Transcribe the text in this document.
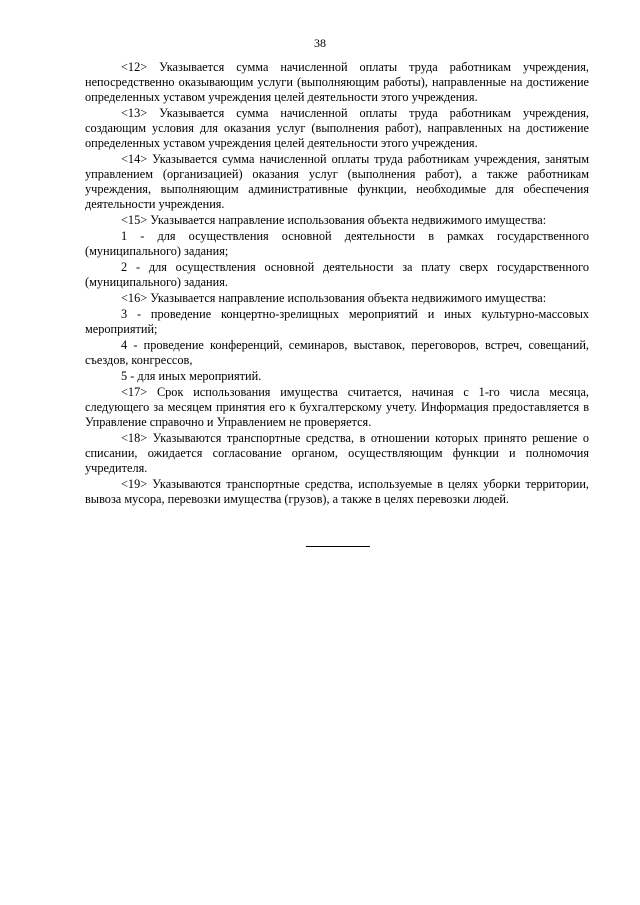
38

<12> Указывается сумма начисленной оплаты труда работникам учреждения, непосредственно оказывающим услуги (выполняющим работы), направленные на достижение определенных уставом учреждения целей деятельности этого учреждения.

<13> Указывается сумма начисленной оплаты труда работникам учреждения, создающим условия для оказания услуг (выполнения работ), направленных на достижение определенных уставом учреждения целей деятельности этого учреждения.

<14> Указывается сумма начисленной оплаты труда работникам учреждения, занятым управлением (организацией) оказания услуг (выполнения работ), а также работникам учреждения, выполняющим административные функции, необходимые для обеспечения деятельности учреждения.

<15> Указывается направление использования объекта недвижимого имущества:

1 - для осуществления основной деятельности в рамках государственного (муниципального) задания;

2 - для осуществления основной деятельности за плату сверх государственного (муниципального) задания.

<16> Указывается направление использования объекта недвижимого имущества:

3 - проведение концертно-зрелищных мероприятий и иных культурно-массовых мероприятий;

4 - проведение конференций, семинаров, выставок, переговоров, встреч, совещаний, съездов, конгрессов,

5 - для иных мероприятий.

<17> Срок использования имущества считается, начиная с 1-го числа месяца, следующего за месяцем принятия его к бухгалтерскому учету. Информация предоставляется в Управление справочно и Управлением не проверяется.

<18> Указываются транспортные средства, в отношении которых принято решение о списании, ожидается согласование органом, осуществляющим функции и полномочия учредителя.

<19> Указываются транспортные средства, используемые в целях уборки территории, вывоза мусора, перевозки имущества (грузов), а также в целях перевозки людей.
